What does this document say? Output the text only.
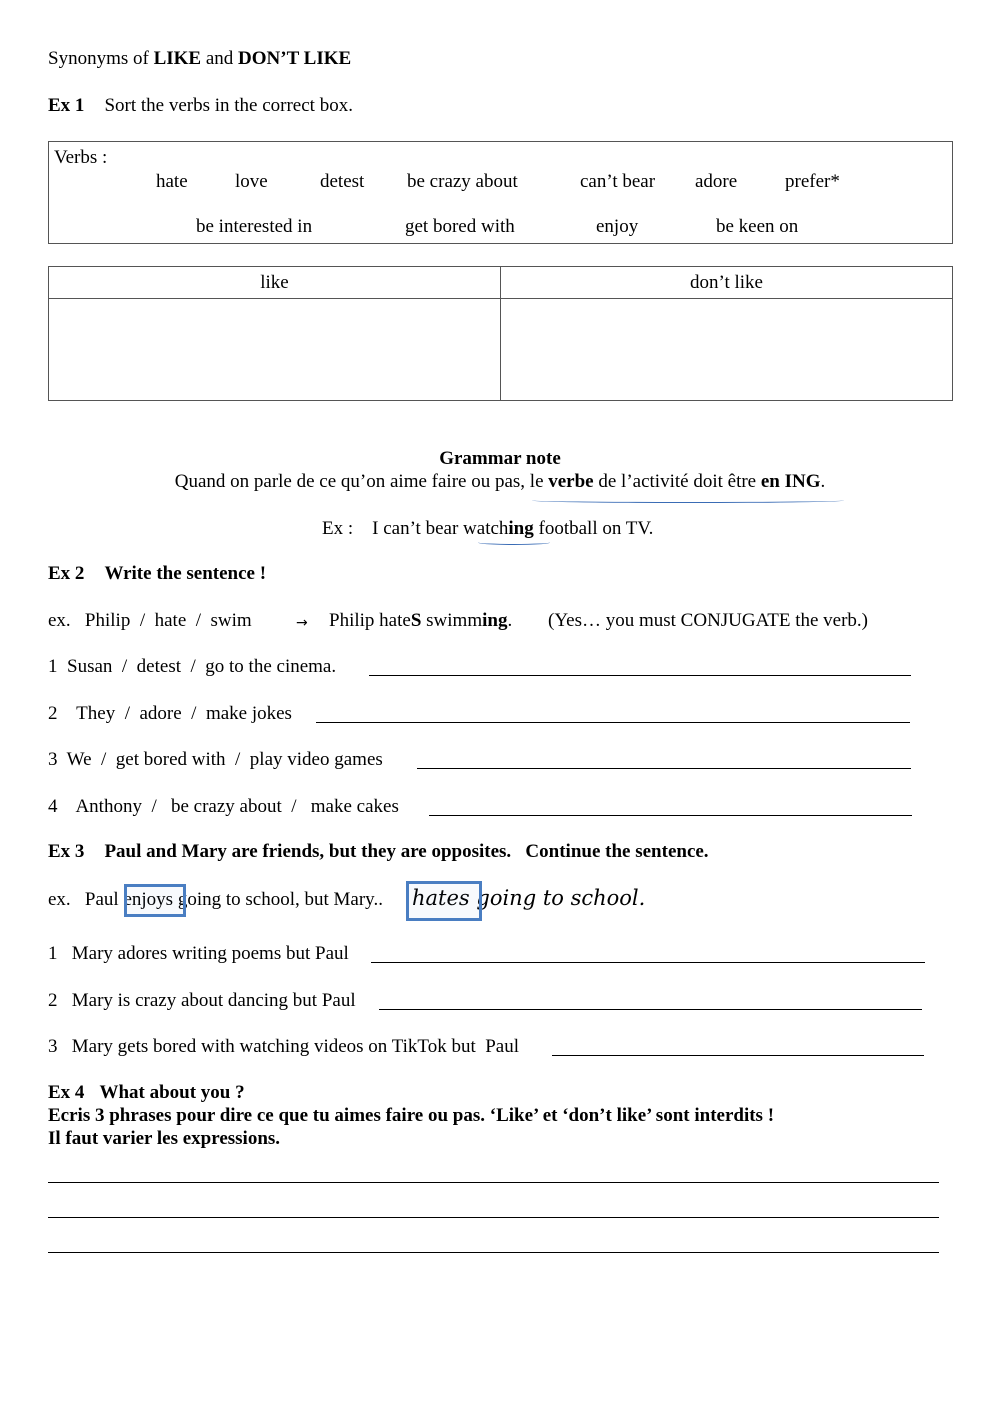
Synonyms of LIKE and DON’T LIKE
Ex 1 Sort the verbs in the correct box.
Verbs :
hate love	detest be crazy about	can’t bear adore	prefer*
be interested in	get bored with	enjoy	be keen on
like	don’t like
Grammar note
Quand on parle de ce qu’on aime faire ou pas, le verbe de l’activité doit être en ING.
Ex :    I can’t bear watching football on TV.
Ex 2 Write the sentence !
ex.   Philip  /  hate  /  swim	→ Philip hateS swimming. (Yes… you must CONJUGATE the verb.)
1  Susan  /  detest  /  go to the cinema.
2    They  /  adore  /  make jokes
3  We  /  get bored with  /  play video games
4    Anthony  /   be crazy about  /   make cakes
Ex 3 Paul and Mary are friends, but they are opposites.   Continue the sentence.
ex.   Paul enjoys going to school, but Mary.. hates going to school.
1   Mary adores writing poems but Paul
2   Mary is crazy about dancing but Paul
3   Mary gets bored with watching videos on TikTok but  Paul
Ex 4 What about you ?
Ecris 3 phrases pour dire ce que tu aimes faire ou pas. ‘Like’ et ‘don’t like’ sont interdits !
Il faut varier les expressions.
